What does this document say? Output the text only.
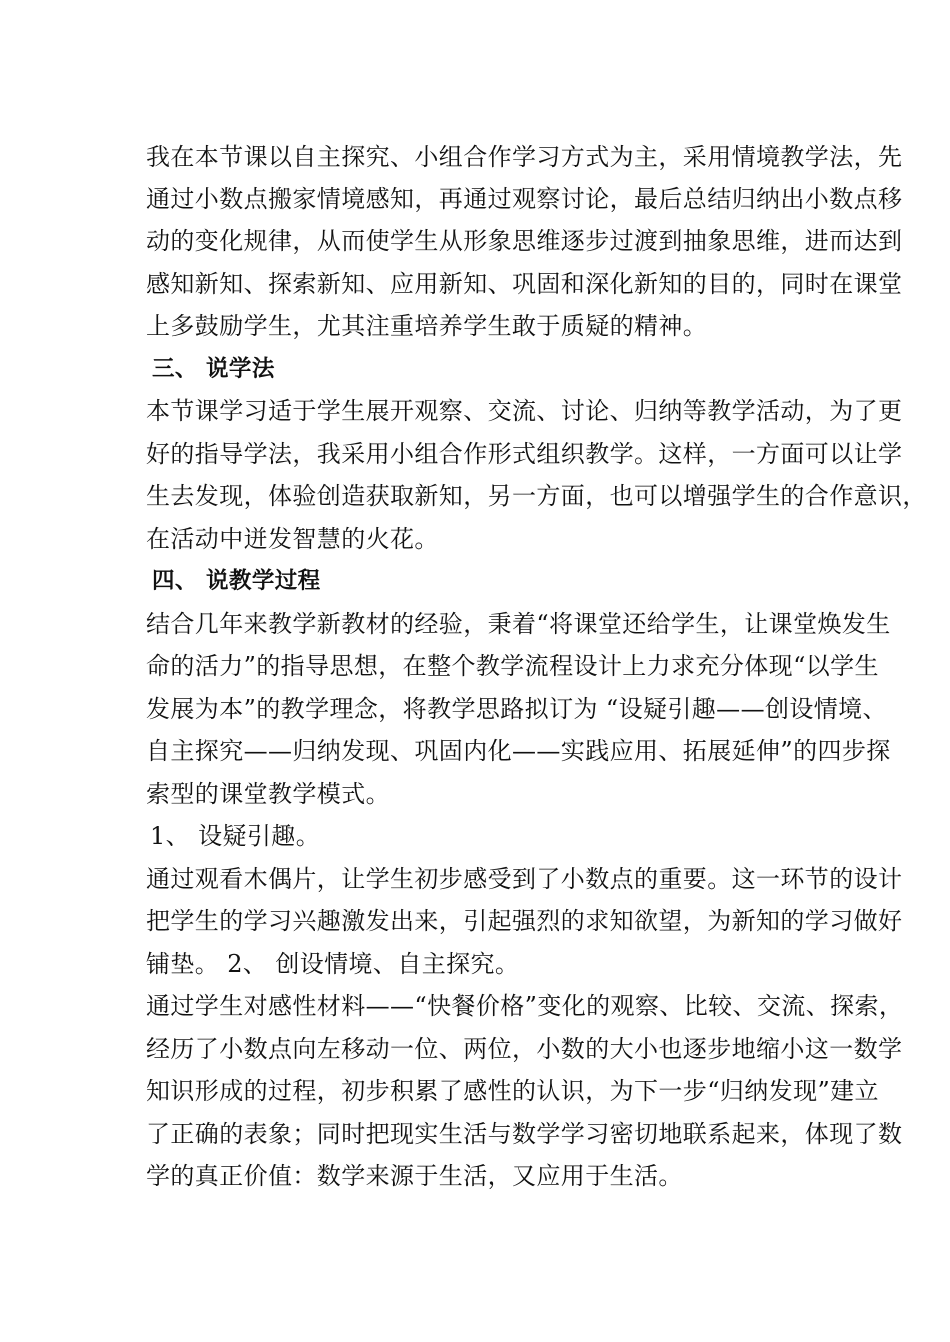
我在本节课以自主探究、小组合作学习方式为主，采用情境教学法，先
通过小数点搬家情境感知，再通过观察讨论，最后总结归纳出小数点移
动的变化规律，从而使学生从形象思维逐步过渡到抽象思维，进而达到
感知新知、探索新知、应用新知、巩固和深化新知的目的，同时在课堂
上多鼓励学生，尤其注重培养学生敢于质疑的精神。
三、 说学法
本节课学习适于学生展开观察、交流、讨论、归纳等教学活动，为了更
好的指导学法，我采用小组合作形式组织教学。这样，一方面可以让学
生去发现，体验创造获取新知，另一方面，也可以增强学生的合作意识，
在活动中迸发智慧的火花。
四、 说教学过程
结合几年来教学新教材的经验，秉着“将课堂还给学生，让课堂焕发生
命的活力”的指导思想，在整个教学流程设计上力求充分体现“以学生
发展为本”的教学理念，将教学思路拟订为 “设疑引趣——创设情境、
自主探究——归纳发现、巩固内化——实践应用、拓展延伸”的四步探
索型的课堂教学模式。
1、 设疑引趣。
通过观看木偶片，让学生初步感受到了小数点的重要。这一环节的设计
把学生的学习兴趣激发出来，引起强烈的求知欲望，为新知的学习做好
铺垫。 2、 创设情境、自主探究。
通过学生对感性材料——“快餐价格”变化的观察、比较、交流、探索，
经历了小数点向左移动一位、两位，小数的大小也逐步地缩小这一数学
知识形成的过程，初步积累了感性的认识，为下一步“归纳发现”建立
了正确的表象；同时把现实生活与数学学习密切地联系起来，体现了数
学的真正价值：数学来源于生活，又应用于生活。
